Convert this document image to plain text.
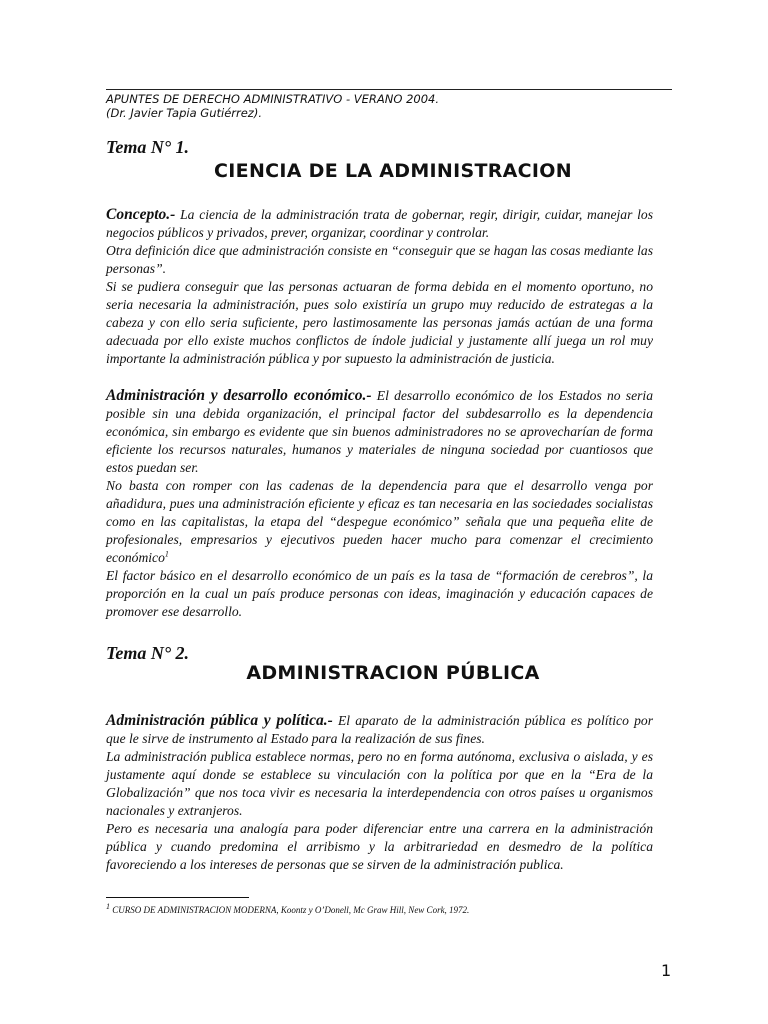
APUNTES DE DERECHO ADMINISTRATIVO - VERANO 2004.
(Dr. Javier Tapia Gutiérrez).
Tema N° 1.
CIENCIA DE LA ADMINISTRACION

Concepto.- La ciencia de la administración trata de gobernar, regir, dirigir, cuidar, manejar los negocios públicos y privados, prever, organizar, coordinar y controlar.

Otra definición dice que administración consiste en “conseguir que se hagan las cosas mediante las personas”.

Si se pudiera conseguir que las personas actuaran de forma debida en el momento oportuno, no seria necesaria la administración, pues solo existiría un grupo muy reducido de estrategas a la cabeza y con ello seria suficiente, pero lastimosamente las personas jamás actúan de una forma adecuada por ello existe muchos conflictos de índole judicial y justamente allí juega un rol muy importante la administración pública y por supuesto la administración de justicia.

Administración y desarrollo económico.- El desarrollo económico de los Estados no seria posible sin una debida organización, el principal factor del subdesarrollo es la dependencia económica, sin embargo es evidente que sin buenos administradores no se aprovecharían de forma eficiente los recursos naturales, humanos y materiales de ninguna sociedad por cuantiosos que estos puedan ser.

No basta con romper con las cadenas de la dependencia para que el desarrollo venga por añadidura, pues una administración eficiente y eficaz es tan necesaria en las sociedades socialistas como en las capitalistas, la etapa del “despegue económico” señala que una pequeña elite de profesionales, empresarios y ejecutivos pueden hacer mucho para comenzar el crecimiento económico$^1$

El factor básico en el desarrollo económico de un país es la tasa de “formación de cerebros”, la proporción en la cual un país produce personas con ideas, imaginación y educación capaces de promover ese desarrollo.

Tema N° 2.
ADMINISTRACION PÚBLICA

Administración pública y política.- El aparato de la administración pública es político por que le sirve de instrumento al Estado para la realización de sus fines.

La administración publica establece normas, pero no en forma autónoma, exclusiva o aislada, y es justamente aquí donde se establece su vinculación con la política por que en la “Era de la Globalización” que nos toca vivir es necesaria la interdependencia con otros países u organismos nacionales y extranjeros.

Pero es necesaria una analogía para poder diferenciar entre una carrera en la administración pública y cuando predomina el arribismo y la arbitrariedad en desmedro de la política favoreciendo a los intereses de personas que se sirven de la administración publica.

$^1$ CURSO DE ADMINISTRACION MODERNA, Koontz y O’Donell, Mc Graw Hill, New Cork, 1972.
1
